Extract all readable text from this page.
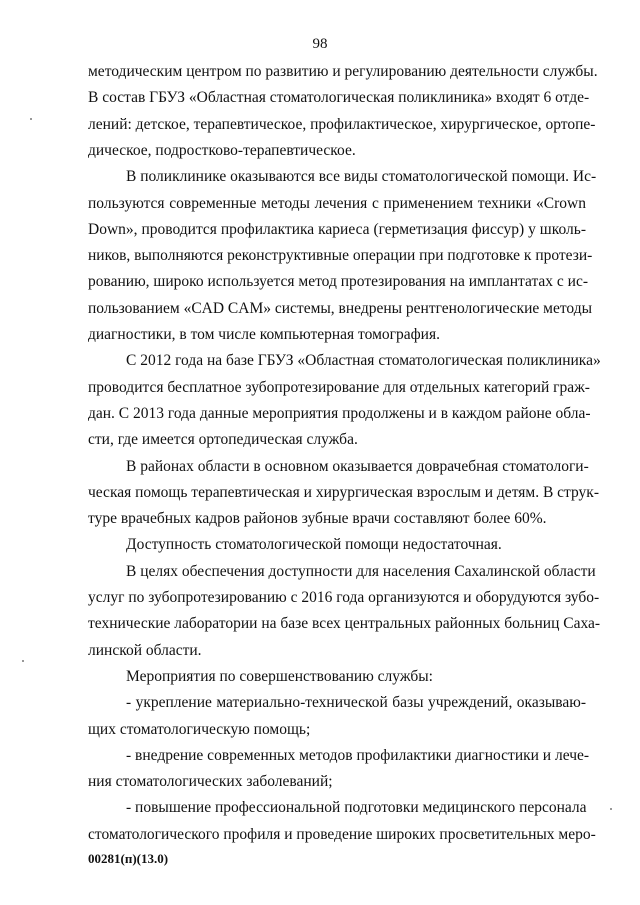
98
методическим центром по развитию и регулированию деятельности службы.
В состав ГБУЗ «Областная стоматологическая поликлиника» входят 6 отде-
лений: детское, терапевтическое, профилактическое, хирургическое, ортопе-
дическое, подростково-терапевтическое.
В поликлинике оказываются все виды стоматологической помощи. Ис-
пользуются современные методы лечения с применением техники «Crown
Down», проводится профилактика кариеса (герметизация фиссур) у школь-
ников, выполняются реконструктивные операции при подготовке к протези-
рованию, широко используется метод протезирования на имплантатах с ис-
пользованием «CAD CAM» системы, внедрены рентгенологические методы
диагностики, в том числе компьютерная томография.
С 2012 года на базе ГБУЗ «Областная стоматологическая поликлиника»
проводится бесплатное зубопротезирование для отдельных категорий граж-
дан. С 2013 года данные мероприятия продолжены и в каждом районе обла-
сти, где имеется ортопедическая служба.
В районах области в основном оказывается доврачебная стоматологи-
ческая помощь терапевтическая и хирургическая взрослым и детям. В струк-
туре врачебных кадров районов зубные врачи составляют более 60%.
Доступность стоматологической помощи недостаточная.
В целях обеспечения доступности для населения Сахалинской области
услуг по зубопротезированию с 2016 года организуются и оборудуются зубо-
технические лаборатории на базе всех центральных районных больниц Саха-
линской области.
Мероприятия по совершенствованию службы:
- укрепление материально-технической базы учреждений, оказываю-
щих стоматологическую помощь;
- внедрение современных методов профилактики диагностики и лече-
ния стоматологических заболеваний;
- повышение профессиональной подготовки медицинского персонала
стоматологического профиля и проведение широких просветительных меро-
00281(п)(13.0)
